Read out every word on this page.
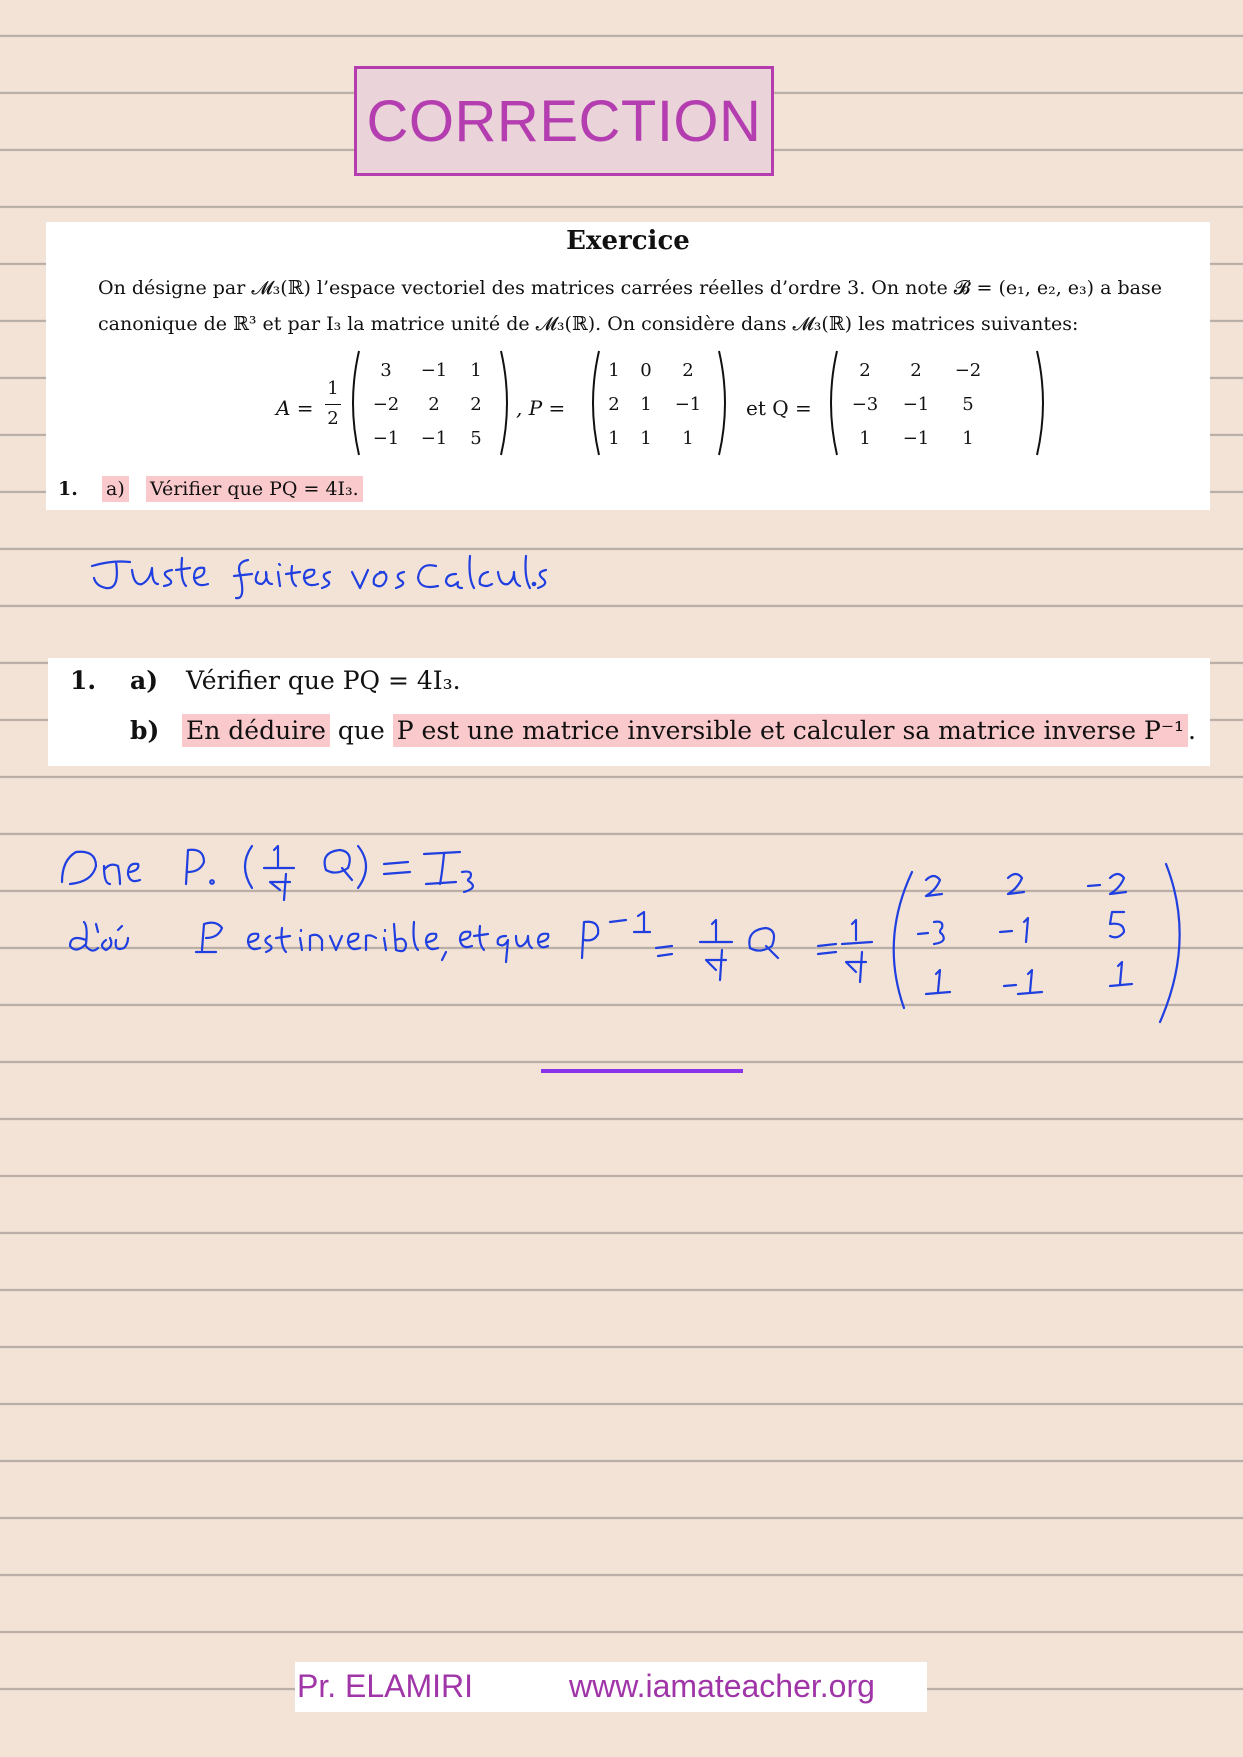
CORRECTION
Exercice
On désigne par 𝓜₃(ℝ) l’espace vectoriel des matrices carrées réelles d’ordre 3. On note 𝓑 = (e₁, e₂, e₃) a base
canonique de ℝ³ et par I₃ la matrice unité de 𝓜₃(ℝ). On considère dans 𝓜₃(ℝ) les matrices suivantes:
A =
1
2
3	−1	1
−2	2	2
−1	−1	5
, P =
1	0	2
2	1	−1
1	1	1
et Q =
2	2	−2
−3	−1	5
1	−1	1
1. a) Vérifier que PQ = 4I₃.
1. a) Vérifier que PQ = 4I₃.
b) En déduire que P est une matrice inversible et calculer sa matrice inverse P⁻¹ .
Pr. ELAMIRI	www.iamateacher.org
